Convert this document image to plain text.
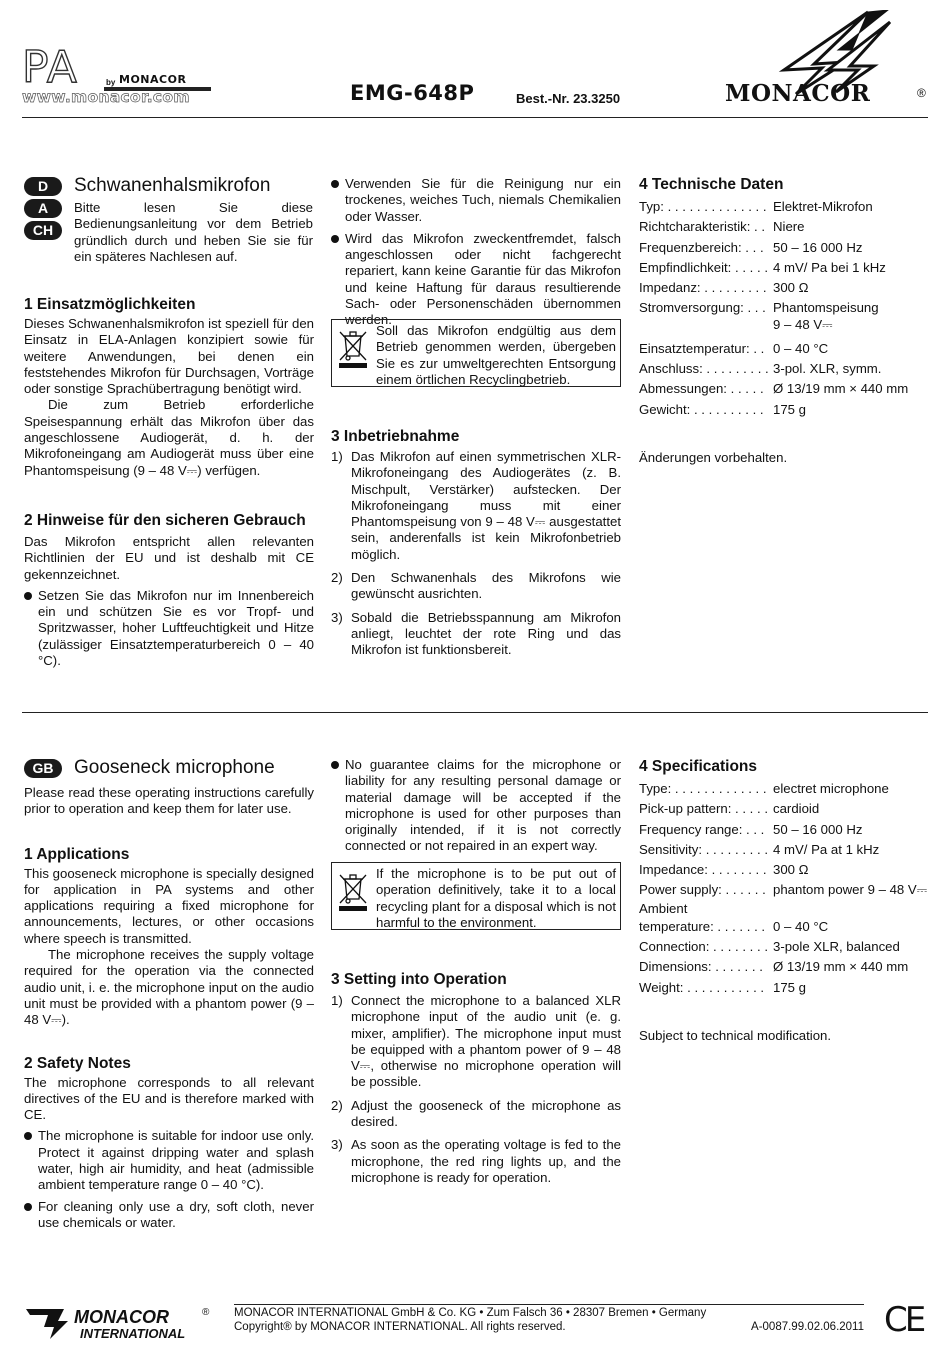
PA	by MONACOR
www.monacor.com	EMG-648P	Best.-Nr. 23.3250	MONACOR	®
D
A
CH
Schwanenhalsmikrofon

Bitte lesen Sie diese Bedienungsanleitung vor dem Betrieb gründlich durch und heben Sie sie für ein späteres Nachlesen auf.

1 Einsatzmöglichkeiten

Dieses Schwanenhalsmikrofon ist speziell für den Einsatz in ELA-Anlagen konzipiert sowie für weitere Anwendungen, bei denen ein feststehendes Mikrofon für Durchsagen, Vorträge oder sonstige Sprachübertragung benötigt wird.

Die zum Betrieb erforderliche Speisespannung erhält das Mikrofon über das angeschlossene Audiogerät, d. h. der Mikrofoneingang am Audiogerät muss über eine Phantomspeisung (9 – 48 V⎓) verfügen.

2 Hinweise für den sicheren Gebrauch

Das Mikrofon entspricht allen relevanten Richtlinien der EU und ist deshalb mit CE gekennzeichnet.

Setzen Sie das Mikrofon nur im Innenbereich ein und schützen Sie es vor Tropf- und Spritzwasser, hoher Luftfeuchtigkeit und Hitze (zulässiger Einsatztemperaturbereich 0 – 40 °C).
Verwenden Sie für die Reinigung nur ein trockenes, weiches Tuch, niemals Chemikalien oder Wasser.
Wird das Mikrofon zweckentfremdet, falsch angeschlossen oder nicht fachgerecht repariert, kann keine Garantie für das Mikrofon und keine Haftung für daraus resultierende Sach- oder Personenschäden übernommen werden.
Soll das Mikrofon endgültig aus dem Betrieb genommen werden, übergeben Sie es zur umweltgerechten Entsorgung einem örtlichen Recyclingbetrieb.
3 Inbetriebnahme
1) Das Mikrofon auf einen symmetrischen XLR-Mikrofoneingang des Audiogerätes (z. B. Mischpult, Verstärker) aufstecken. Der Mikrofoneingang muss mit einer Phantomspeisung von 9 – 48 V⎓ ausgestattet sein, anderenfalls ist kein Mikrofonbetrieb möglich.
2) Den Schwanenhals des Mikrofons wie gewünscht ausrichten.
3) Sobald die Betriebsspannung am Mikrofon anliegt, leuchtet der rote Ring und das Mikrofon ist funktionsbereit.
4 Technische Daten
Typ: . . . . . . . . . . . . . .	Elektret-Mikrofon
Richtcharakteristik: . .	Niere
Frequenzbereich: . . .	50 – 16 000 Hz
Empfindlichkeit: . . . . .	4 mV/ Pa bei 1 kHz
Impedanz: . . . . . . . . .	300 Ω
Stromversorgung: . . .	Phantomspeisung
	9 – 48 V⎓
Einsatztemperatur: . .	0 – 40 °C
Anschluss: . . . . . . . . .	3-pol. XLR, symm.
Abmessungen: . . . . .	Ø 13/19 mm × 440 mm
Gewicht: . . . . . . . . . .	175 g

Änderungen vorbehalten.

GB	Gooseneck microphone

Please read these operating instructions carefully prior to operation and keep them for later use.

1 Applications

This gooseneck microphone is specially designed for application in PA systems and other applications requiring a fixed microphone for announcements, lectures, or other occasions where speech is transmitted.

The microphone receives the supply voltage required for the operation via the connected audio unit, i. e. the microphone input on the audio unit must be provided with a phantom power (9 – 48 V⎓).

2 Safety Notes

The microphone corresponds to all relevant directives of the EU and is therefore marked with CE.

The microphone is suitable for indoor use only. Protect it against dripping water and splash water, high air humidity, and heat (admissible ambient temperature range 0 – 40 °C).
For cleaning only use a dry, soft cloth, never use chemicals or water.
No guarantee claims for the microphone or liability for any resulting personal damage or material damage will be accepted if the microphone is used for other purposes than originally intended, if it is not correctly connected or not repaired in an expert way.
If the microphone is to be put out of operation definitively, take it to a local recycling plant for a disposal which is not harmful to the environment.
3 Setting into Operation
1) Connect the microphone to a balanced XLR microphone input of the audio unit (e. g. mixer, amplifier). The microphone input must be equipped with a phantom power of 9 – 48 V⎓, otherwise no microphone operation will be possible.
2) Adjust the gooseneck of the microphone as desired.
3) As soon as the operating voltage is fed to the microphone, the red ring lights up, and the microphone is ready for operation.
4 Specifications
Type: . . . . . . . . . . . . .	electret microphone
Pick-up pattern: . . . . .	cardioid
Frequency range: . . .	50 – 16 000 Hz
Sensitivity: . . . . . . . . .	4 mV/ Pa at 1 kHz
Impedance: . . . . . . . .	300 Ω
Power supply: . . . . . .	phantom power 9 – 48 V⎓
Ambient	
temperature: . . . . . . .	0 – 40 °C
Connection: . . . . . . . .	3-pole XLR, balanced
Dimensions: . . . . . . .	Ø 13/19 mm × 440 mm
Weight: . . . . . . . . . . .	175 g

Subject to technical modification.

MONACOR	®
INTERNATIONAL
MONACOR INTERNATIONAL GmbH & Co. KG • Zum Falsch 36 • 28307 Bremen • Germany
Copyright® by MONACOR INTERNATIONAL. All rights reserved.	A-0087.99.02.06.2011 CE
